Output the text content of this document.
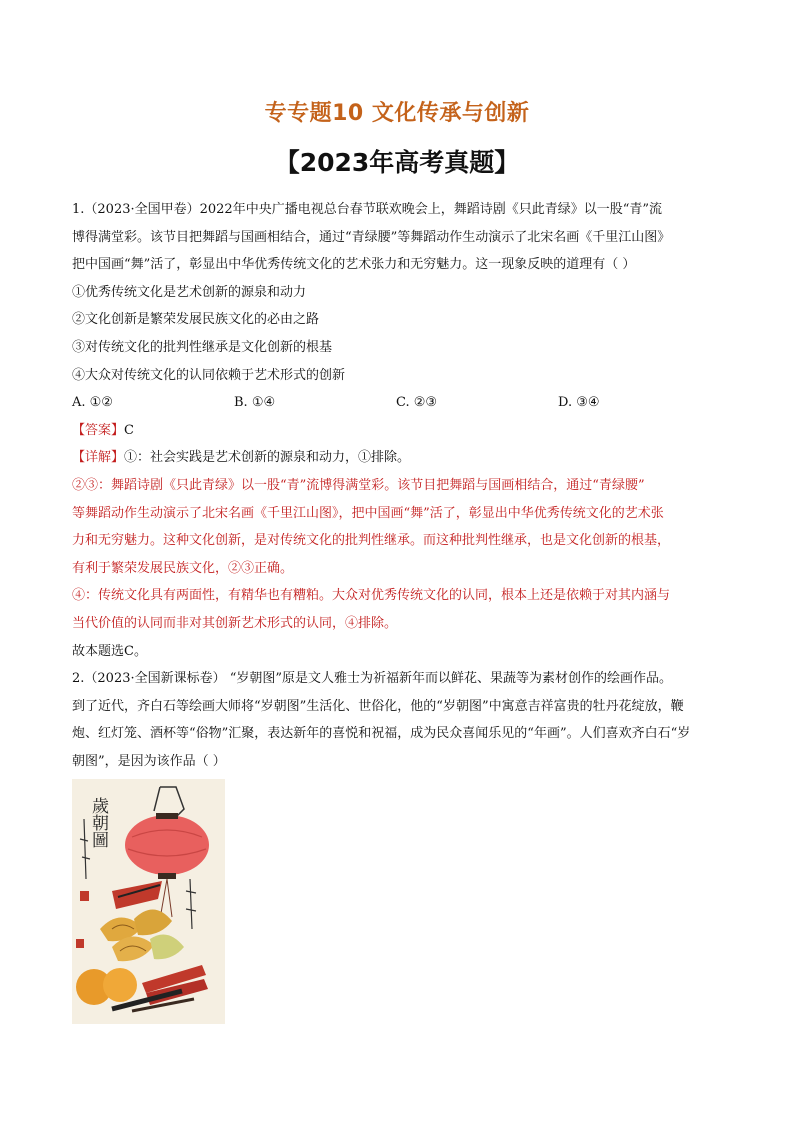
专专题10 文化传承与创新
【2023年高考真题】

1.（2023·全国甲卷）2022年中央广播电视总台春节联欢晚会上，舞蹈诗剧《只此青绿》以一股“青”流

博得满堂彩。该节目把舞蹈与国画相结合，通过“青绿腰”等舞蹈动作生动演示了北宋名画《千里江山图》

把中国画“舞”活了，彰显出中华优秀传统文化的艺术张力和无穷魅力。这一现象反映的道理有（ ）

①优秀传统文化是艺术创新的源泉和动力

②文化创新是繁荣发展民族文化的必由之路

③对传统文化的批判性继承是文化创新的根基

④大众对传统文化的认同依赖于艺术形式的创新

A. ①②	B. ①④	C. ②③	D. ③④

【答案】C

【详解】①：社会实践是艺术创新的源泉和动力，①排除。

②③：舞蹈诗剧《只此青绿》以一股“青”流博得满堂彩。该节目把舞蹈与国画相结合，通过“青绿腰”

等舞蹈动作生动演示了北宋名画《千里江山图》，把中国画“舞”活了，彰显出中华优秀传统文化的艺术张

力和无穷魅力。这种文化创新，是对传统文化的批判性继承。而这种批判性继承，也是文化创新的根基，

有利于繁荣发展民族文化，②③正确。

④：传统文化具有两面性，有精华也有糟粕。大众对优秀传统文化的认同，根本上还是依赖于对其内涵与

当代价值的认同而非对其创新艺术形式的认同，④排除。

故本题选C。

2.（2023·全国新课标卷） “岁朝图”原是文人雅士为祈福新年而以鲜花、果蔬等为素材创作的绘画作品。

到了近代，齐白石等绘画大师将“岁朝图”生活化、世俗化，他的“岁朝图”中寓意吉祥富贵的牡丹花绽放，鞭

炮、红灯笼、酒杯等“俗物”汇聚，表达新年的喜悦和祝福，成为民众喜闻乐见的“年画”。人们喜欢齐白石“岁

朝图”，是因为该作品（ ）

歲朝圖
